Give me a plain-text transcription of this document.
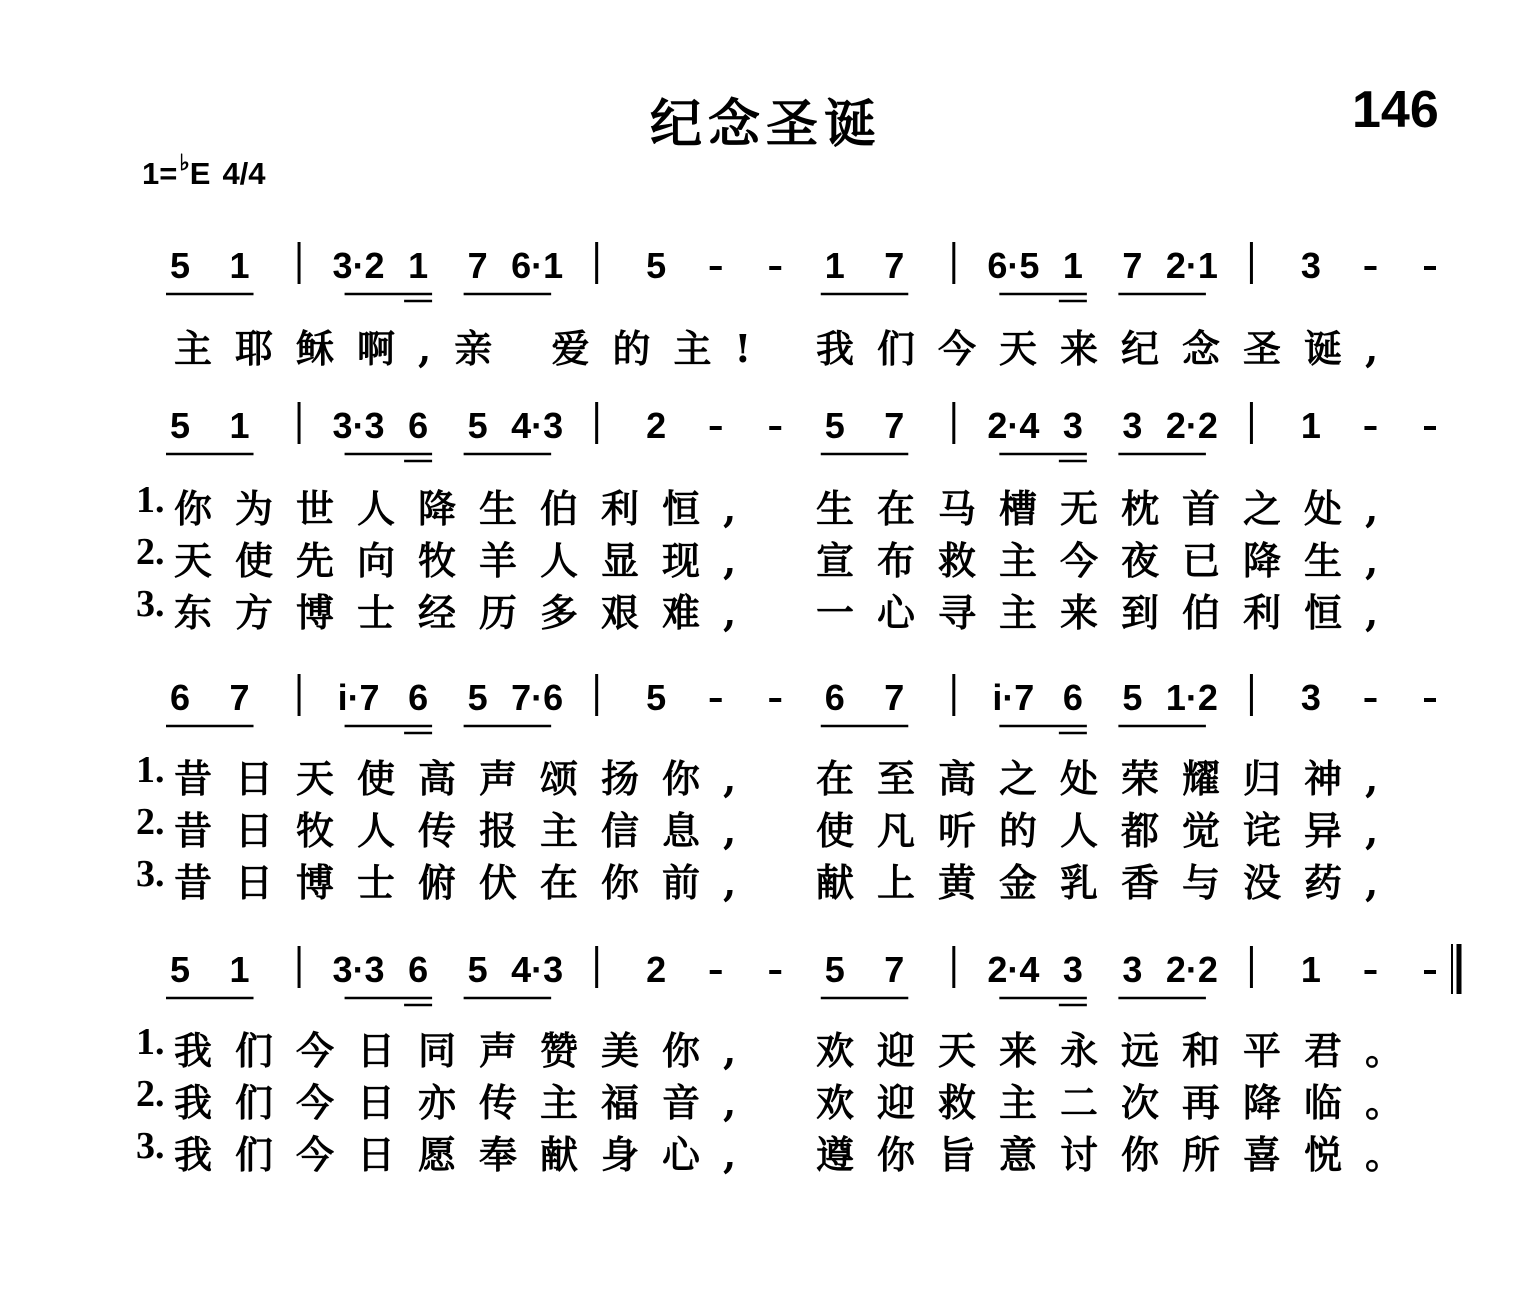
纪念圣诞	146
1=♭E 4/4
5 1 3·2 1 7 6·1 5	1 7 6·5 1 7 2·1 3

主耶稣啊,亲 爱的主!

我们今天来纪念圣诞,

5 1 3·3 6 5 4·3 2	5 7 2·4 3 3 2·2 1

1.

你为世人降生伯利恒,

生在马槽无枕首之处,

2.

天使先向牧羊人显现,

宣布救主今夜已降生,

3.

东方博士经历多艰难,

一心寻主来到伯利恒,

6 7 i·7 6 5 7·6 5	6 7 i·7 6 5 1·2 3

1.

昔日天使高声颂扬你,

在至高之处荣耀归神,

2.

昔日牧人传报主信息,

使凡听的人都觉诧异,

3.

昔日博士俯伏在你前,

献上黄金乳香与没药,

5 1 3·3 6 5 4·3 2	5 7 2·4 3 3 2·2 1

1.

我们今日同声赞美你,

欢迎天来永远和平君。

2.

我们今日亦传主福音,

欢迎救主二次再降临。

3.

我们今日愿奉献身心,

遵你旨意讨你所喜悦。
